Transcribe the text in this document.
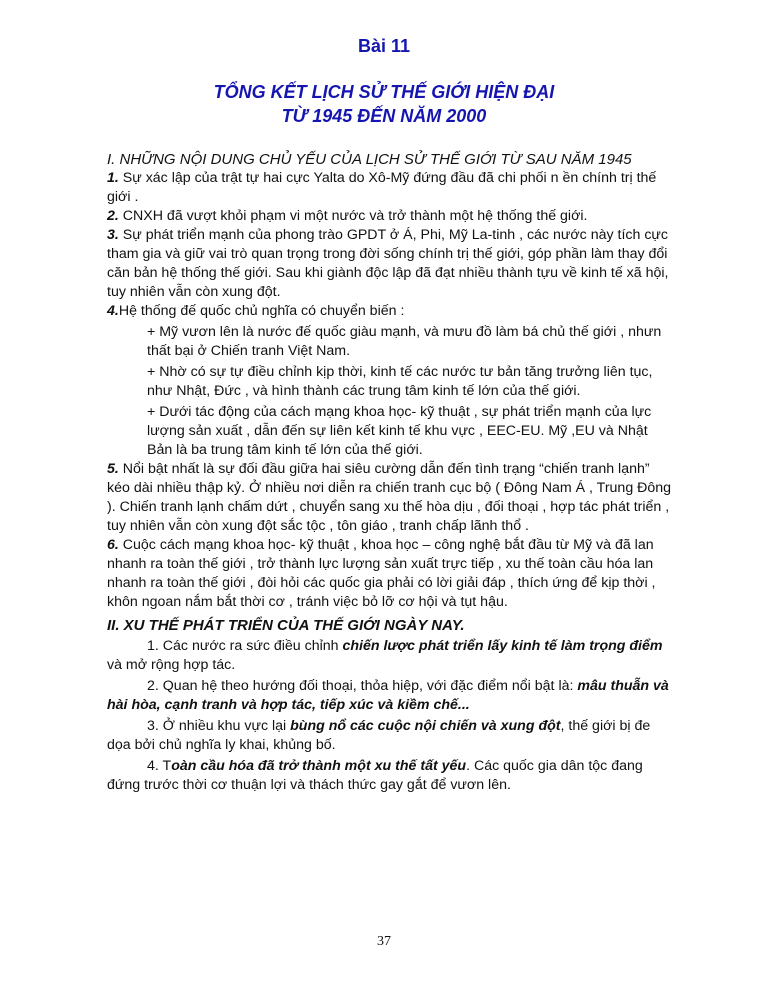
Bài 11
TỔNG KẾT LỊCH SỬ THẾ GIỚI HIỆN ĐẠI
TỪ 1945 ĐẾN NĂM 2000

I. NHỮNG NỘI DUNG CHỦ YẾU CỦA LỊCH SỬ THẾ GIỚI TỪ SAU NĂM 1945

1. Sự xác lập của trật tự hai cực Yalta do Xô-Mỹ đứng đầu đã chi phối n ền chính trị thế giới .

2. CNXH đã vượt khỏi phạm vi một nước và trở thành một hệ thống thế giới.

3. Sự phát triển mạnh của phong trào GPDT ở Á, Phi, Mỹ La-tinh , các nước này tích cực tham gia và giữ vai trò quan trọng trong đời sống chính trị thế giới, góp phần làm thay đổi căn bản hệ thống thế giới. Sau khi giành độc lập đã đạt nhiều thành tựu về kinh tế xã hội, tuy nhiên vẫn còn xung đột.

4.Hệ thống đế quốc chủ nghĩa có chuyển biến :

+ Mỹ vươn lên là nước đế quốc giàu mạnh, và mưu đồ làm bá chủ thế giới , nhưn thất bại ở Chiến tranh Việt Nam.

+ Nhờ có sự tự điều chỉnh kịp thời, kinh tế các nước tư bản tăng trưởng liên tục, như Nhật, Đức , và hình thành các trung tâm kinh tế lớn của thế giới.

+ Dưới tác động của cách mạng khoa học- kỹ thuật , sự phát triển mạnh của lực lượng sản xuất , dẫn đến sự liên kết kinh tế khu vực , EEC-EU. Mỹ ,EU và Nhật Bản là ba trung tâm kinh tế lớn của thế giới.

5. Nổi bật nhất là sự đối đầu giữa hai siêu cường dẫn đến tình trạng “chiến tranh lạnh” kéo dài nhiều thập kỷ. Ở nhiều nơi diễn ra chiến tranh cục bộ ( Đông Nam Á , Trung Đông ). Chiến tranh lạnh chấm dứt , chuyển sang xu thế hòa dịu , đối thoại , hợp tác phát triển , tuy nhiên vẫn còn xung đột sắc tộc , tôn giáo , tranh chấp lãnh thổ .

6. Cuộc cách mạng khoa học- kỹ thuật , khoa học – công nghệ bắt đầu từ Mỹ và đã lan nhanh ra toàn thế giới , trở thành lực lượng sản xuất trực tiếp , xu thế toàn cầu hóa lan nhanh ra toàn thế giới , đòi hỏi các quốc gia phải có lời giải đáp , thích ứng để kịp thời , khôn ngoan nắm bắt thời cơ , tránh việc bỏ lỡ cơ hội và tụt hậu.

II. XU THẾ PHÁT TRIỂN CỦA THẾ GIỚI NGÀY NAY.

1. Các nước ra sức điều chỉnh chiến lược phát triển lấy kinh tế làm trọng điểm và mở rộng hợp tác.

2. Quan hệ theo hướng đối thoại, thỏa hiệp, với đặc điểm nổi bật là: mâu thuẫn và hài hòa, cạnh tranh và hợp tác, tiếp xúc và kiềm chế...

3. Ở nhiều khu vực lại bùng nổ các cuộc nội chiến và xung đột, thế giới bị đe dọa bởi chủ nghĩa ly khai, khủng bố.

4. Toàn cầu hóa đã trở thành một xu thế tất yếu. Các quốc gia dân tộc đang đứng trước thời cơ thuận lợi và thách thức gay gắt để vươn lên.

37
